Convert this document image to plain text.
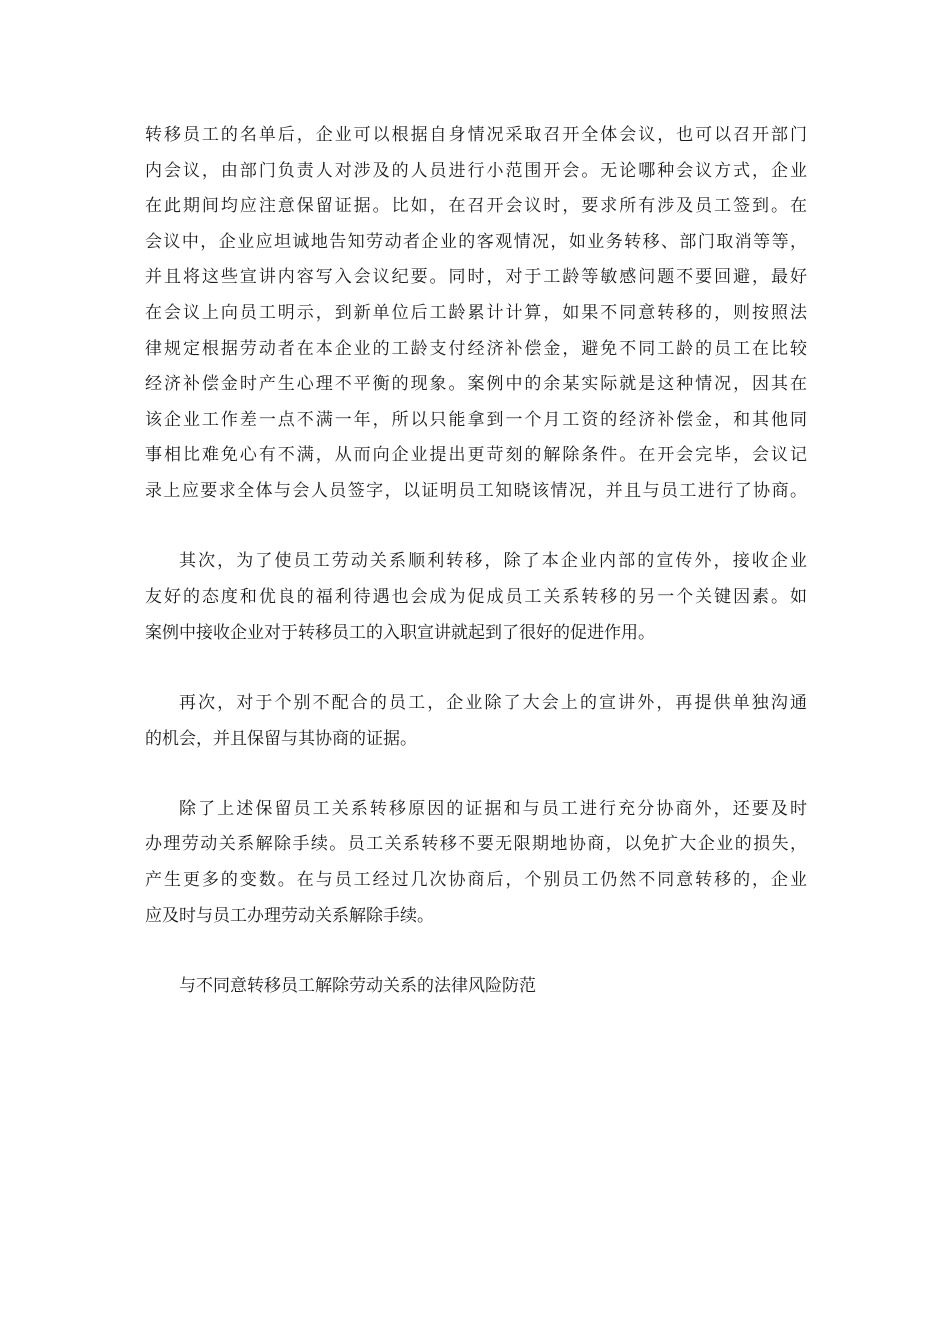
转移员工的名单后，企业可以根据自身情况采取召开全体会议，也可以召开部门
内会议，由部门负责人对涉及的人员进行小范围开会。无论哪种会议方式，企业
在此期间均应注意保留证据。比如，在召开会议时，要求所有涉及员工签到。在
会议中，企业应坦诚地告知劳动者企业的客观情况，如业务转移、部门取消等等，
并且将这些宣讲内容写入会议纪要。同时，对于工龄等敏感问题不要回避，最好
在会议上向员工明示，到新单位后工龄累计计算，如果不同意转移的，则按照法
律规定根据劳动者在本企业的工龄支付经济补偿金，避免不同工龄的员工在比较
经济补偿金时产生心理不平衡的现象。案例中的余某实际就是这种情况，因其在
该企业工作差一点不满一年，所以只能拿到一个月工资的经济补偿金，和其他同
事相比难免心有不满，从而向企业提出更苛刻的解除条件。在开会完毕，会议记
录上应要求全体与会人员签字，以证明员工知晓该情况，并且与员工进行了协商。
其次，为了使员工劳动关系顺利转移，除了本企业内部的宣传外，接收企业
友好的态度和优良的福利待遇也会成为促成员工关系转移的另一个关键因素。如
案例中接收企业对于转移员工的入职宣讲就起到了很好的促进作用。
再次，对于个别不配合的员工，企业除了大会上的宣讲外，再提供单独沟通
的机会，并且保留与其协商的证据。
除了上述保留员工关系转移原因的证据和与员工进行充分协商外，还要及时
办理劳动关系解除手续。员工关系转移不要无限期地协商，以免扩大企业的损失，
产生更多的变数。在与员工经过几次协商后，个别员工仍然不同意转移的，企业
应及时与员工办理劳动关系解除手续。
与不同意转移员工解除劳动关系的法律风险防范
